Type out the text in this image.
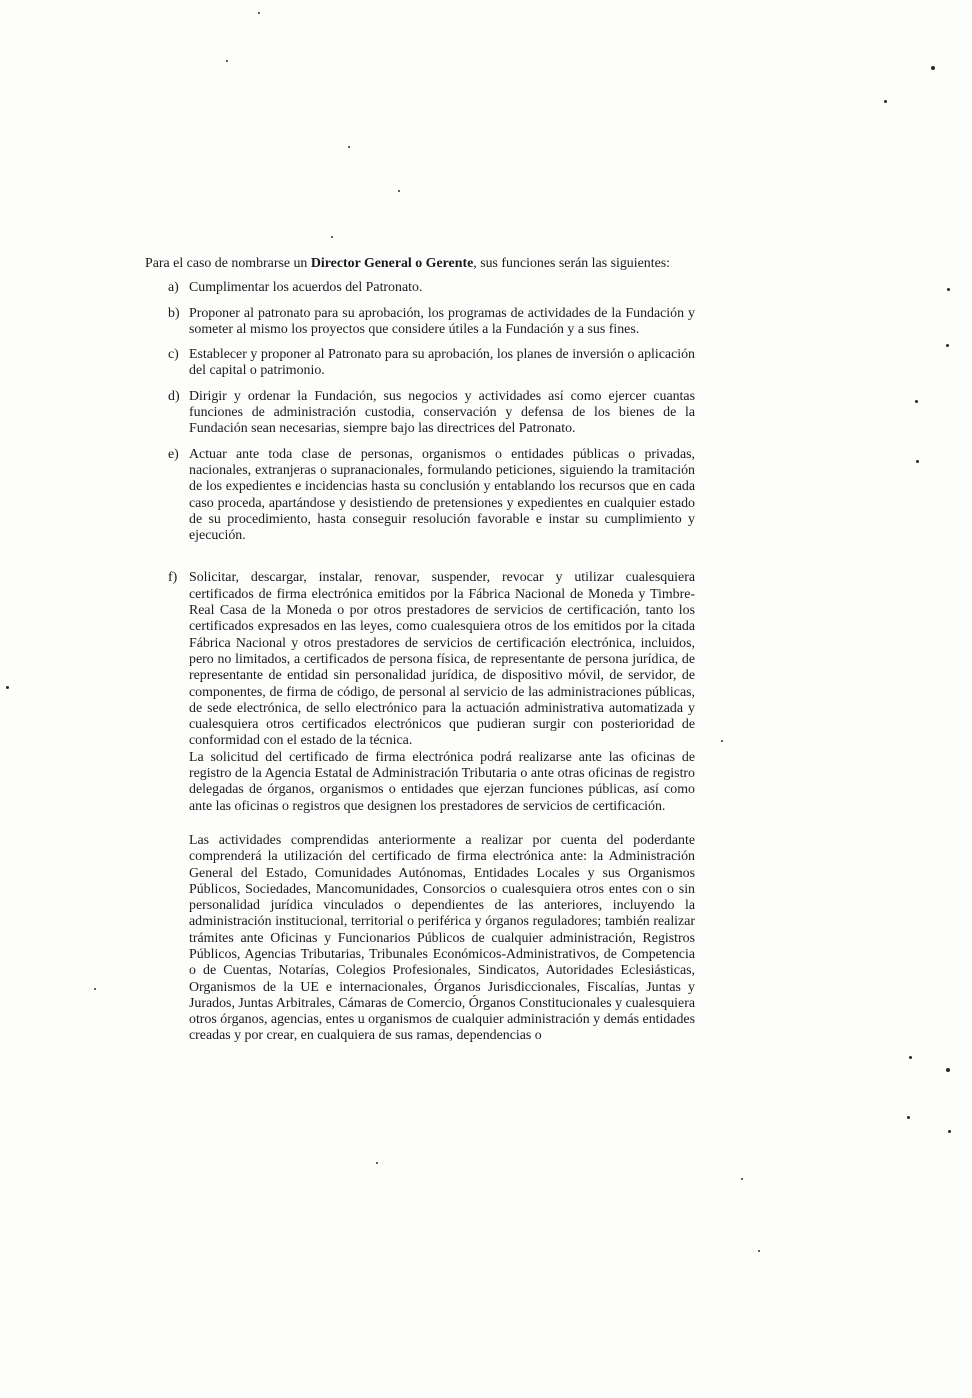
Para el caso de nombrarse un Director General o Gerente, sus funciones serán las siguientes:

a) Cumplimentar los acuerdos del Patronato.
b) Proponer al patronato para su aprobación, los programas de actividades de la Fundación y someter al mismo los proyectos que considere útiles a la Fundación y a sus fines.
c) Establecer y proponer al Patronato para su aprobación, los planes de inversión o aplicación del capital o patrimonio.
d) Dirigir y ordenar la Fundación, sus negocios y actividades así como ejercer cuantas funciones de administración custodia, conservación y defensa de los bienes de la Fundación sean necesarias, siempre bajo las directrices del Patronato.
e) Actuar ante toda clase de personas, organismos o entidades públicas o privadas, nacionales, extranjeras o supranacionales, formulando peticiones, siguiendo la tramitación de los expedientes e incidencias hasta su conclusión y entablando los recursos que en cada caso proceda, apartándose y desistiendo de pretensiones y expedientes en cualquier estado de su procedimiento, hasta conseguir resolución favorable e instar su cumplimiento y ejecución.
f) Solicitar, descargar, instalar, renovar, suspender, revocar y utilizar cualesquiera certificados de firma electrónica emitidos por la Fábrica Nacional de Moneda y Timbre-Real Casa de la Moneda o por otros prestadores de servicios de certificación, tanto los certificados expresados en las leyes, como cualesquiera otros de los emitidos por la citada Fábrica Nacional y otros prestadores de servicios de certificación electrónica, incluidos, pero no limitados, a certificados de persona física, de representante de persona jurídica, de representante de entidad sin personalidad jurídica, de dispositivo móvil, de servidor, de componentes, de firma de código, de personal al servicio de las administraciones públicas, de sede electrónica, de sello electrónico para la actuación administrativa automatizada y cualesquiera otros certificados electrónicos que pudieran surgir con posterioridad de conformidad con el estado de la técnica.

La solicitud del certificado de firma electrónica podrá realizarse ante las oficinas de registro de la Agencia Estatal de Administración Tributaria o ante otras oficinas de registro delegadas de órganos, organismos o entidades que ejerzan funciones públicas, así como ante las oficinas o registros que designen los prestadores de servicios de certificación.

Las actividades comprendidas anteriormente a realizar por cuenta del poderdante comprenderá la utilización del certificado de firma electrónica ante: la Administración General del Estado, Comunidades Autónomas, Entidades Locales y sus Organismos Públicos, Sociedades, Mancomunidades, Consorcios o cualesquiera otros entes con o sin personalidad jurídica vinculados o dependientes de las anteriores, incluyendo la administración institucional, territorial o periférica y órganos reguladores; también realizar trámites ante Oficinas y Funcionarios Públicos de cualquier administración, Registros Públicos, Agencias Tributarias, Tribunales Económicos-Administrativos, de Competencia o de Cuentas, Notarías, Colegios Profesionales, Sindicatos, Autoridades Eclesiásticas, Organismos de la UE e internacionales, Órganos Jurisdiccionales, Fiscalías, Juntas y Jurados, Juntas Arbitrales, Cámaras de Comercio, Órganos Constitucionales y cualesquiera otros órganos, agencias, entes u organismos de cualquier administración y demás entidades creadas y por crear, en cualquiera de sus ramas, dependencias o
